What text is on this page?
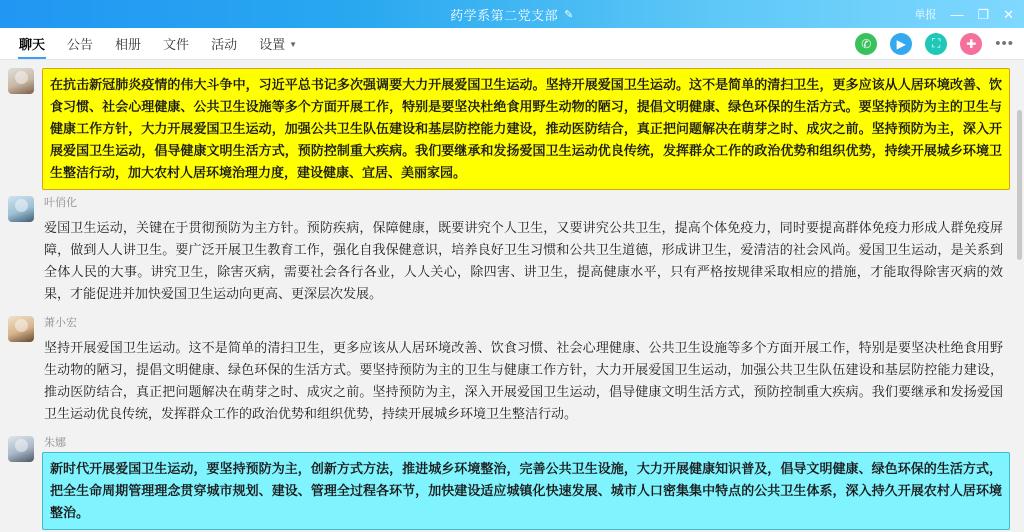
药学系第二党支部 ✎	单报 — ❐ ✕
聊天 公告 相册 文件 活动 设置 ▼	✆	▶	⛶	✚	•••
在抗击新冠肺炎疫情的伟大斗争中，习近平总书记多次强调要大力开展爱国卫生运动。坚持开展爱国卫生运动。这不是简单的清扫卫生，更多应该从人居环境改善、饮食习惯、社会心理健康、公共卫生设施等多个方面开展工作，特别是要坚决杜绝食用野生动物的陋习，提倡文明健康、绿色环保的生活方式。要坚持预防为主的卫生与健康工作方针，大力开展爱国卫生运动，加强公共卫生队伍建设和基层防控能力建设，推动医防结合，真正把问题解决在萌芽之时、成灾之前。坚持预防为主，深入开展爱国卫生运动，倡导健康文明生活方式，预防控制重大疾病。我们要继承和发扬爱国卫生运动优良传统，发挥群众工作的政治优势和组织优势，持续开展城乡环境卫生整洁行动，加大农村人居环境治理力度，建设健康、宜居、美丽家园。
叶俏化
爱国卫生运动，关键在于贯彻预防为主方针。预防疾病，保障健康，既要讲究个人卫生，又要讲究公共卫生，提高个体免疫力，同时要提高群体免疫力形成人群免疫屏障，做到人人讲卫生。要广泛开展卫生教育工作，强化自我保健意识，培养良好卫生习惯和公共卫生道德，形成讲卫生，爱清洁的社会风尚。爱国卫生运动，是关系到全体人民的大事。讲究卫生，除害灭病，需要社会各行各业，人人关心，除四害、讲卫生，提高健康水平，只有严格按规律采取相应的措施，才能取得除害灭病的效果，才能促进并加快爱国卫生运动向更高、更深层次发展。
萧小宏
坚持开展爱国卫生运动。这不是简单的清扫卫生，更多应该从人居环境改善、饮食习惯、社会心理健康、公共卫生设施等多个方面开展工作，特别是要坚决杜绝食用野生动物的陋习，提倡文明健康、绿色环保的生活方式。要坚持预防为主的卫生与健康工作方针，大力开展爱国卫生运动，加强公共卫生队伍建设和基层防控能力建设，推动医防结合，真正把问题解决在萌芽之时、成灾之前。坚持预防为主，深入开展爱国卫生运动，倡导健康文明生活方式，预防控制重大疾病。我们要继承和发扬爱国卫生运动优良传统，发挥群众工作的政治优势和组织优势，持续开展城乡环境卫生整洁行动。
朱娜
新时代开展爱国卫生运动，要坚持预防为主，创新方式方法，推进城乡环境整治，完善公共卫生设施，大力开展健康知识普及，倡导文明健康、绿色环保的生活方式，把全生命周期管理理念贯穿城市规划、建设、管理全过程各环节，加快建设适应城镇化快速发展、城市人口密集集中特点的公共卫生体系，深入持久开展农村人居环境整治。
